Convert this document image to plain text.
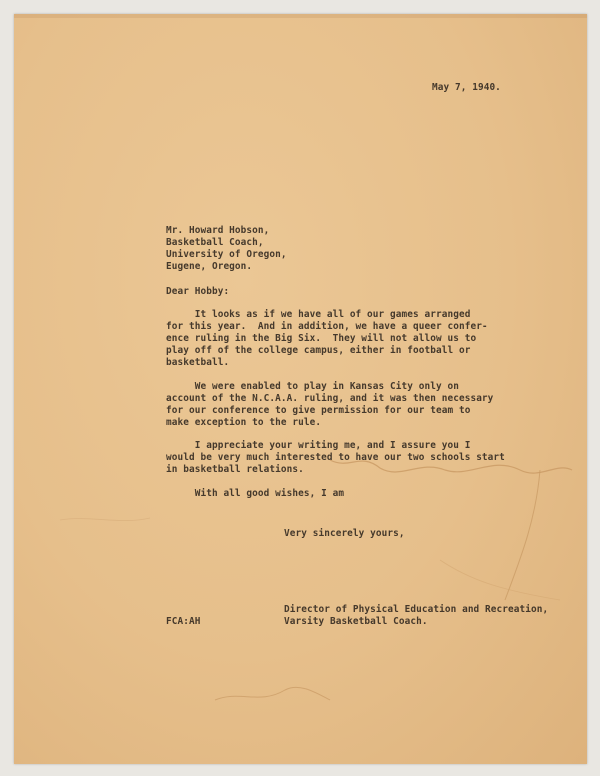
May 7, 1940.
Mr. Howard Hobson,
Basketball Coach,
University of Oregon,
Eugene, Oregon.
Dear Hobby:
It looks as if we have all of our games arranged
for this year.  And in addition, we have a queer confer-
ence ruling in the Big Six.  They will not allow us to
play off of the college campus, either in football or
basketball.
We were enabled to play in Kansas City only on
account of the N.C.A.A. ruling, and it was then necessary
for our conference to give permission for our team to
make exception to the rule.
I appreciate your writing me, and I assure you I
would be very much interested to have our two schools start
in basketball relations.
With all good wishes, I am
Very sincerely yours,
Director of Physical Education and Recreation,
Varsity Basketball Coach.
FCA:AH
